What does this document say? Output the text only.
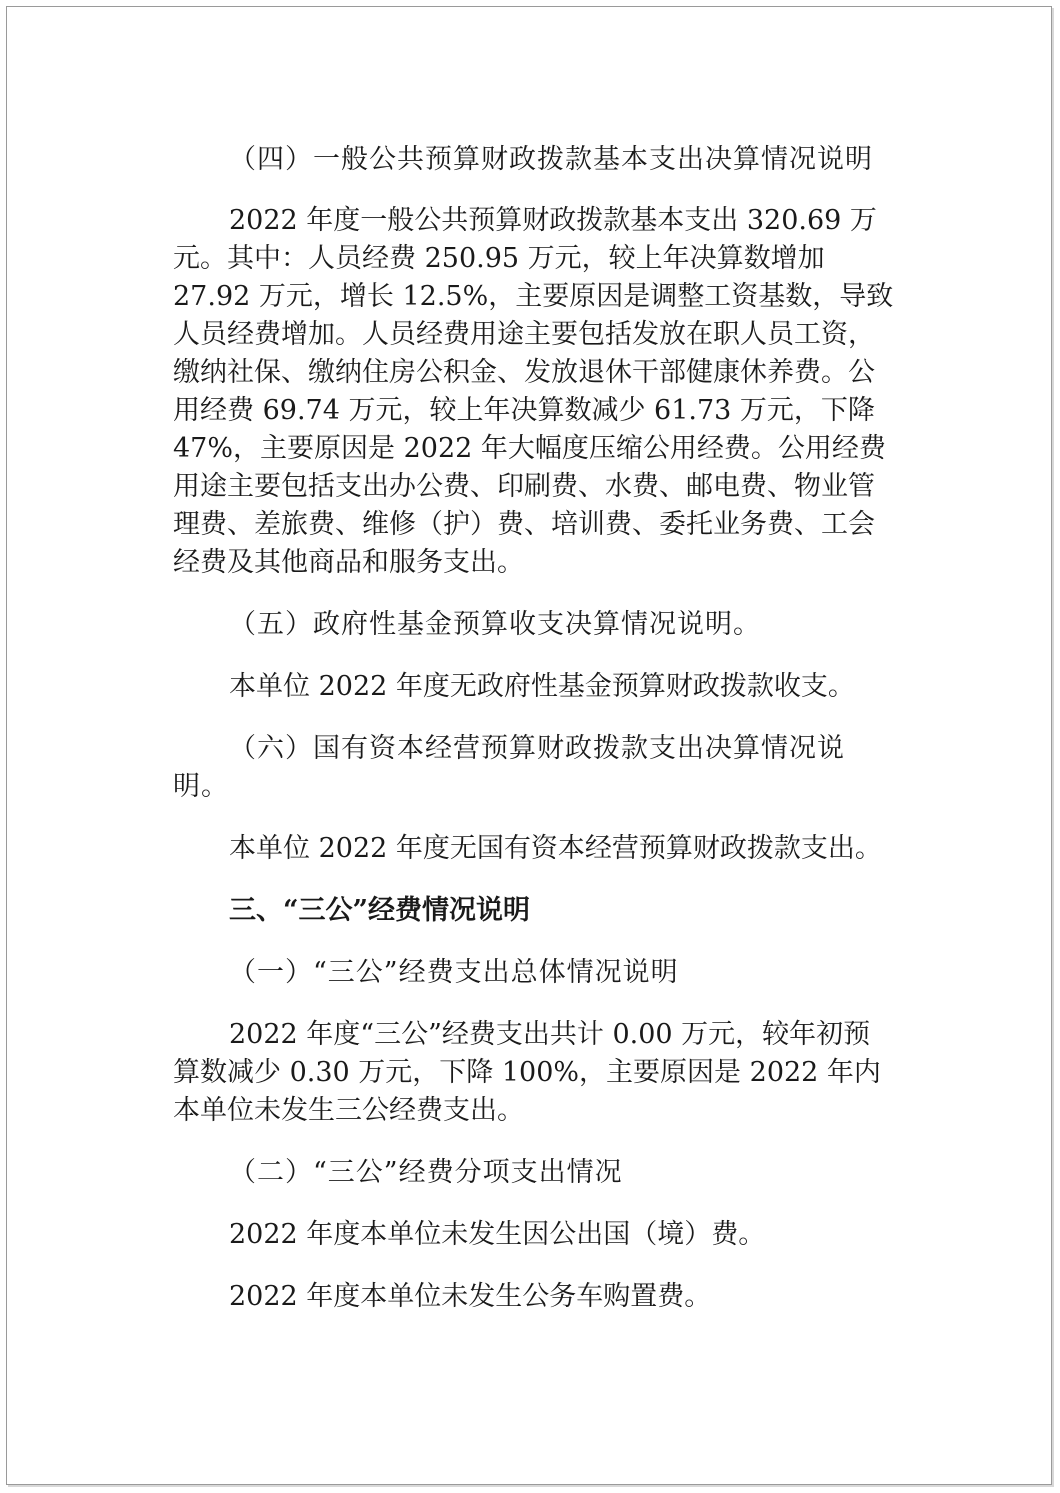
（四）一般公共预算财政拨款基本支出决算情况说明

2022 年度一般公共预算财政拨款基本支出 320.69 万元。其中：人员经费 250.95 万元，较上年决算数增加 27.92 万元，增长 12.5%，主要原因是调整工资基数，导致人员经费增加。人员经费用途主要包括发放在职人员工资，缴纳社保、缴纳住房公积金、发放退休干部健康休养费。公用经费 69.74 万元，较上年决算数减少 61.73 万元，下降 47%，主要原因是 2022 年大幅度压缩公用经费。公用经费用途主要包括支出办公费、印刷费、水费、邮电费、物业管理费、差旅费、维修（护）费、培训费、委托业务费、工会经费及其他商品和服务支出。

（五）政府性基金预算收支决算情况说明。

本单位 2022 年度无政府性基金预算财政拨款收支。

（六）国有资本经营预算财政拨款支出决算情况说明。

本单位 2022 年度无国有资本经营预算财政拨款支出。

三、“三公”经费情况说明

（一）“三公”经费支出总体情况说明

2022 年度“三公”经费支出共计 0.00 万元，较年初预算数减少 0.30 万元，下降 100%，主要原因是 2022 年内本单位未发生三公经费支出。

（二）“三公”经费分项支出情况

2022 年度本单位未发生因公出国（境）费。

2022 年度本单位未发生公务车购置费。
